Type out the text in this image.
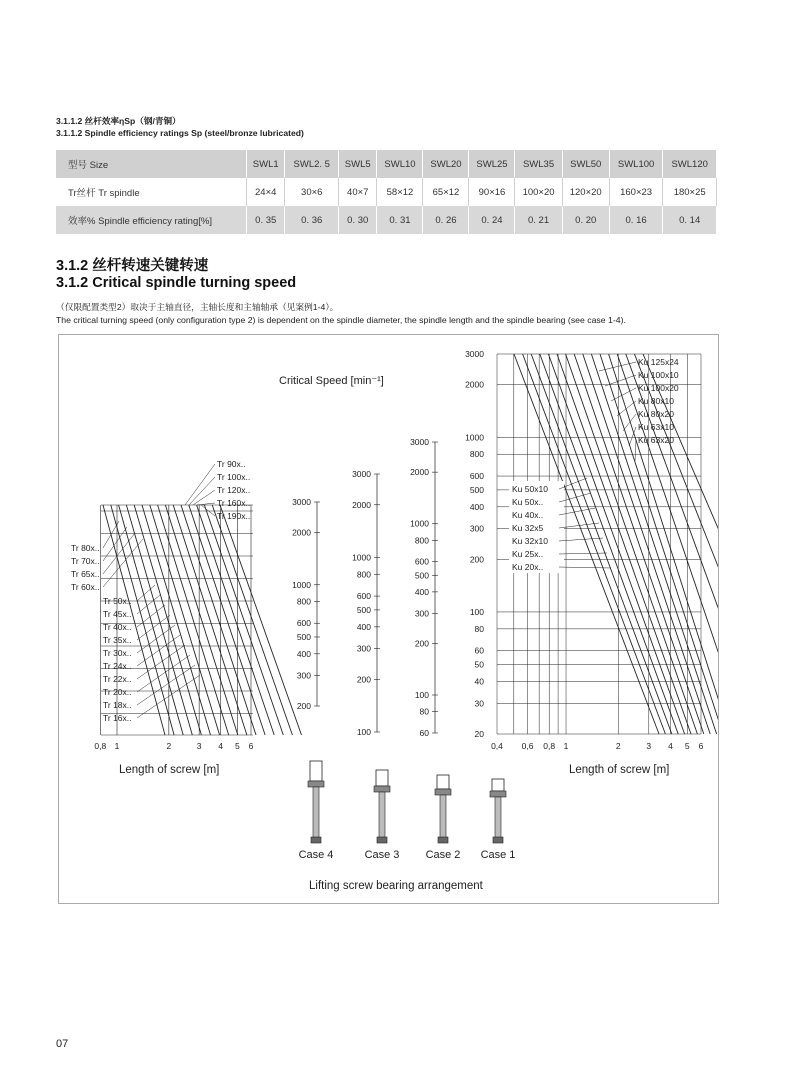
3.1.1.2 丝杆效率ηSp（钢/青铜）
3.1.1.2 Spindle efficiency ratings Sp (steel/bronze lubricated)
型号 Size	SWL1	SWL2. 5	SWL5	SWL10	SWL20	SWL25	SWL35	SWL50	SWL100	SWL120
Tr丝杆 Tr spindle	24×4	30×6	40×7	58×12	65×12	90×16	100×20	120×20	160×23	180×25
效率% Spindle efficiency rating[%]	0. 35	0. 36	0. 30	0. 31	0. 26	0. 24	0. 21	0. 20	0. 16	0. 14
3.1.2 丝杆转速关键转速
3.1.2 Critical spindle turning speed
（仅限配置类型2）取决于主轴直径，主轴长度和主轴轴承（见案例1-4）。
The critical turning speed (only configuration type 2) is dependent on the spindle diameter, the spindle length and the spindle bearing (see case 1-4).
Critical Speed [min⁻¹]
Length of screw [m]	Length of screw [m]
Lifting screw bearing arrangement
0,8 1	2	3 4 5 6
Tr 90x..
Tr 100x..
Tr 120x..
Tr 160x..
Tr 190x..
Tr 80x..
Tr 70x..
Tr 65x..
Tr 60x..
Tr 50x..
Tr 45x..
Tr 40x..
Tr 35x..
Tr 30x..
Tr 24x..
Tr 22x..
Tr 20x..
Tr 18x..
Tr 16x..
3000
2000
1000
800
600
500
400
300
200
3000
2000
1000
800
600
500
400
300
200
100
3000
2000
1000
800
600
500
400
300
200
100
80
60
3000
2000
1000
800
600
500
400
300
200
100
80
60
50
40
30
20
0,4 0,6 0,8 1	2	3 4 5 6
Ku 125x24
Ku 100x10
Ku 100x20
Ku 80x10
Ku 80x20
Ku 63x10
Ku 63x20
Ku 50x10
Ku 50x..
Ku 40x..
Ku 32x5
Ku 32x10
Ku 25x..
Ku 20x..
Case 4	Case 3 Case 2 Case 1
07
